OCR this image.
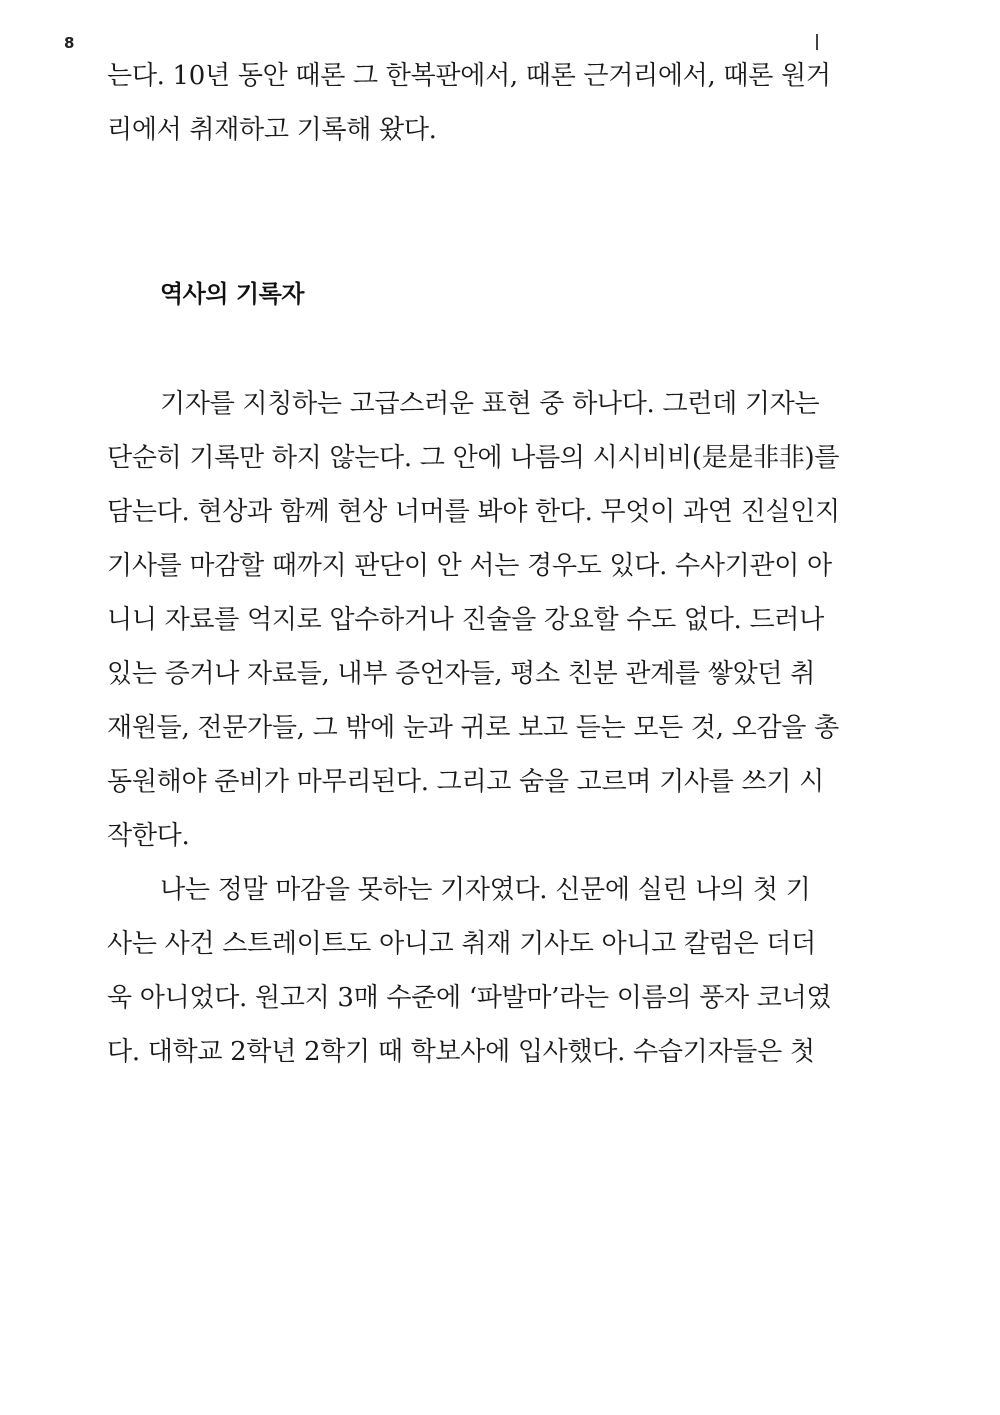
8
는다. 10년 동안 때론 그 한복판에서, 때론 근거리에서, 때론 원거
리에서 취재하고 기록해 왔다.
역사의 기록자
기자를 지칭하는 고급스러운 표현 중 하나다. 그런데 기자는
단순히 기록만 하지 않는다. 그 안에 나름의 시시비비(是是非非)를
담는다. 현상과 함께 현상 너머를 봐야 한다. 무엇이 과연 진실인지
기사를 마감할 때까지 판단이 안 서는 경우도 있다. 수사기관이 아
니니 자료를 억지로 압수하거나 진술을 강요할 수도 없다. 드러나
있는 증거나 자료들, 내부 증언자들, 평소 친분 관계를 쌓았던 취
재원들, 전문가들, 그 밖에 눈과 귀로 보고 듣는 모든 것, 오감을 총
동원해야 준비가 마무리된다. 그리고 숨을 고르며 기사를 쓰기 시
작한다.
나는 정말 마감을 못하는 기자였다. 신문에 실린 나의 첫 기
사는 사건 스트레이트도 아니고 취재 기사도 아니고 칼럼은 더더
욱 아니었다. 원고지 3매 수준에 ‘파발마’라는 이름의 풍자 코너였
다. 대학교 2학년 2학기 때 학보사에 입사했다. 수습기자들은 첫
